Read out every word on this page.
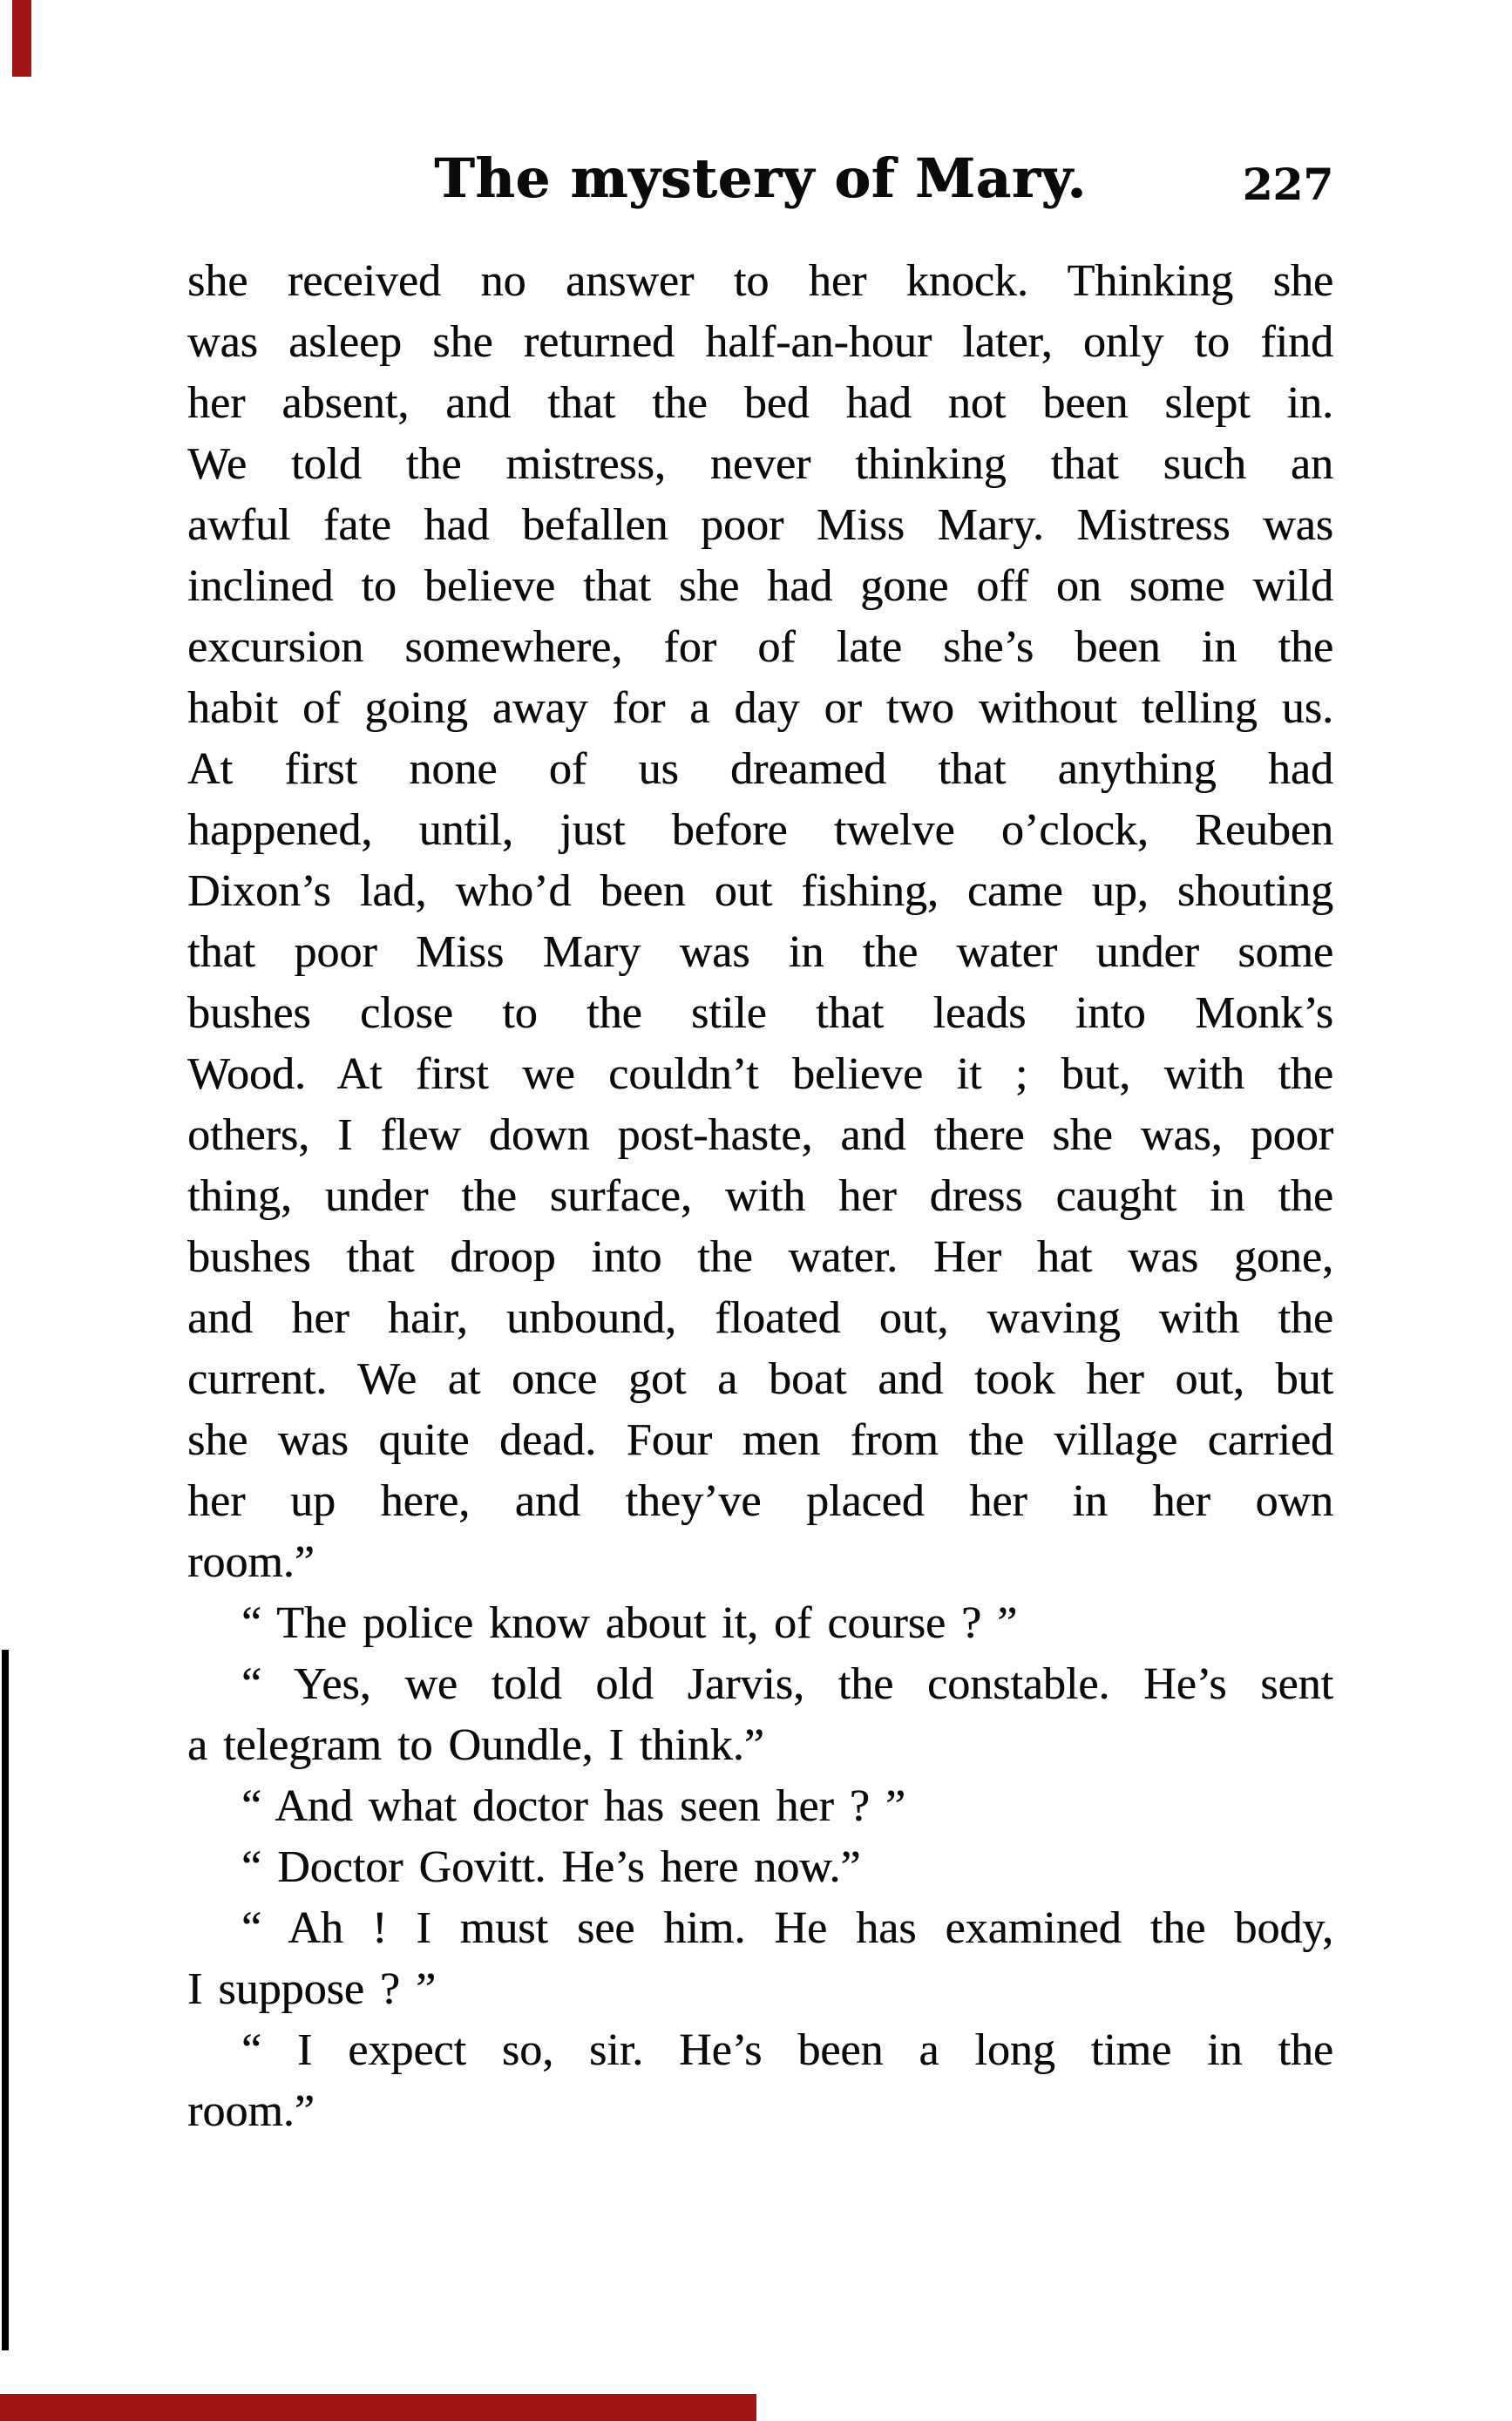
The mystery of Mary.	227
she received no answer to her knock. Thinking she
was asleep she returned half-an-hour later, only to find
her absent, and that the bed had not been slept in.
We told the mistress, never thinking that such an
awful fate had befallen poor Miss Mary. Mistress was
inclined to believe that she had gone off on some wild
excursion somewhere, for of late she’s been in the
habit of going away for a day or two without telling us.
At first none of us dreamed that anything had
happened, until, just before twelve o’clock, Reuben
Dixon’s lad, who’d been out fishing, came up, shouting
that poor Miss Mary was in the water under some
bushes close to the stile that leads into Monk’s
Wood. At first we couldn’t believe it ; but, with the
others, I flew down post-haste, and there she was, poor
thing, under the surface, with her dress caught in the
bushes that droop into the water. Her hat was gone,
and her hair, unbound, floated out, waving with the
current. We at once got a boat and took her out, but
she was quite dead. Four men from the village carried
her up here, and they’ve placed her in her own
room.”
“ The police know about it, of course ? ”
“ Yes, we told old Jarvis, the constable. He’s sent
a telegram to Oundle, I think.”
“ And what doctor has seen her ? ”
“ Doctor Govitt. He’s here now.”
“ Ah ! I must see him. He has examined the body,
I suppose ? ”
“ I expect so, sir. He’s been a long time in the
room.”
